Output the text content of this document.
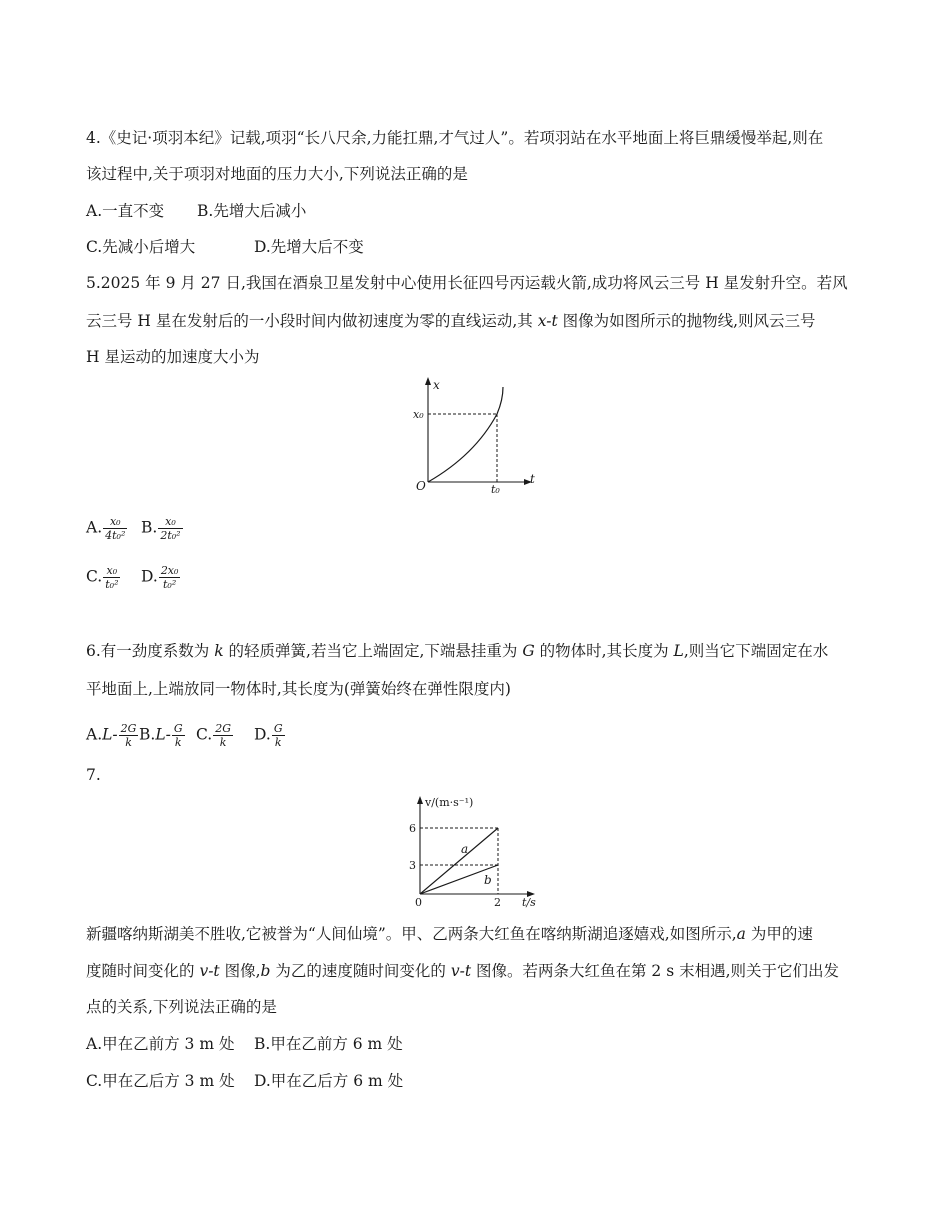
4.《史记·项羽本纪》记载,项羽“长八尺余,力能扛鼎,才气过人”。若项羽站在水平地面上将巨鼎缓慢举起,则在
该过程中,关于项羽对地面的压力大小,下列说法正确的是
A.一直不变 B.先增大后减小
C.先减小后增大	D.先增大后不变
5.2025 年 9 月 27 日,我国在酒泉卫星发射中心使用长征四号丙运载火箭,成功将风云三号 H 星发射升空。若风
云三号 H 星在发射后的一小段时间内做初速度为零的直线运动,其 x-t 图像为如图所示的抛物线,则风云三号
H 星运动的加速度大小为
x
x₀
O	t₀
t
A. $\frac{\text{x₀}}{\text{4t₀²}} B$. $\frac{\text{x₀}}{\text{2t₀²}}$
C. $\frac{\text{x₀}}{\text{t₀²}} D$. $\frac{\text{2x₀}}{\text{t₀²}}$
6.有一劲度系数为 k 的轻质弹簧,若当它上端固定,下端悬挂重为 G 的物体时,其长度为 L,则当它下端固定在水
平地面上,上端放同一物体时,其长度为(弹簧始终在弹性限度内)
$A.L- \frac{2G}{k} B.L- \frac{G}{k} C$. $\frac{2G}{k} D$. $\frac{G}{k}$
7.
v/(m·s⁻¹)
6
3
0	2 t/s
a
b
新疆喀纳斯湖美不胜收,它被誉为“人间仙境”。甲、乙两条大红鱼在喀纳斯湖追逐嬉戏,如图所示,a 为甲的速
度随时间变化的 v-t 图像,b 为乙的速度随时间变化的 v-t 图像。若两条大红鱼在第 2 s 末相遇,则关于它们出发
点的关系,下列说法正确的是
A.甲在乙前方 3 m 处 B.甲在乙前方 6 m 处
C.甲在乙后方 3 m 处 D.甲在乙后方 6 m 处
